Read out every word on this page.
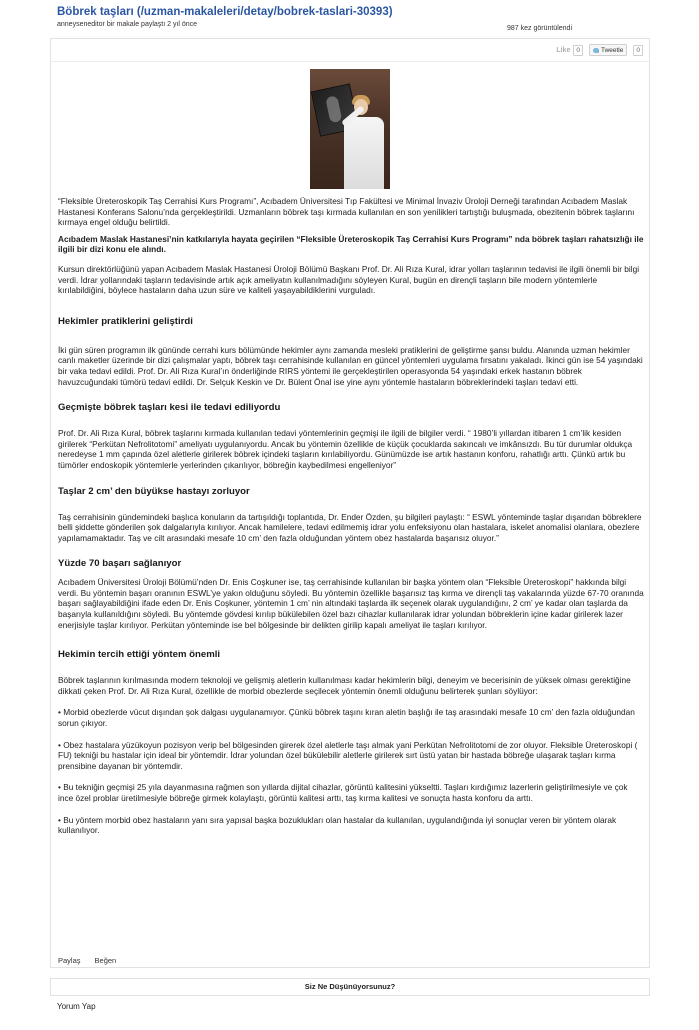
Böbrek taşları (/uzman-makaleleri/detay/bobrek-taslari-30393)
anneyseneditor bir makale paylaştı 2 yıl önce
987 kez görüntülendi
Like 0	Tweetle	0

“Fleksible Üreteroskopik Taş Cerrahisi Kurs Programı”, Acıbadem Üniversitesi Tıp Fakültesi ve Minimal İnvaziv Üroloji Derneği tarafından Acıbadem Maslak Hastanesi Konferans Salonu’nda gerçekleştirildi. Uzmanların böbrek taşı kırmada kullanılan en son yenilikleri tartıştığı buluşmada, obezitenin böbrek taşlarını kırmaya engel olduğu belirtildi.

Acıbadem Maslak Hastanesi’nin katkılarıyla hayata geçirilen “Fleksible Üreteroskopik Taş Cerrahisi Kurs Programı” nda böbrek taşları rahatsızlığı ile ilgili bir dizi konu ele alındı.

Kursun direktörlüğünü yapan Acıbadem Maslak Hastanesi Üroloji Bölümü Başkanı Prof. Dr. Ali Rıza Kural, idrar yolları taşlarının tedavisi ile ilgili önemli bir bilgi verdi. İdrar yollarındaki taşların tedavisinde artık açık ameliyatın kullanılmadığını söyleyen Kural, bugün en dirençli taşların bile modern yöntemlerle kırılabildiğini, böylece hastaların daha uzun süre ve kaliteli yaşayabildiklerini vurguladı.

Hekimler pratiklerini geliştirdi

İki gün süren programın ilk gününde cerrahi kurs bölümünde hekimler aynı zamanda mesleki pratiklerini de geliştirme şansı buldu. Alanında uzman hekimler canlı maketler üzerinde bir dizi çalışmalar yaptı, böbrek taşı cerrahisinde kullanılan en güncel yöntemleri uygulama fırsatını yakaladı. İkinci gün ise 54 yaşındaki bir vaka tedavi edildi. Prof. Dr. Ali Rıza Kural’ın önderliğinde RIRS yöntemi ile gerçekleştirilen operasyonda 54 yaşındaki erkek hastanın böbrek havuzcuğundaki tümörü tedavi edildi. Dr. Selçuk Keskin ve Dr. Bülent Önal ise yine aynı yöntemle hastaların böbreklerindeki taşları tedavi etti.

Geçmişte böbrek taşları kesi ile tedavi ediliyordu

Prof. Dr. Ali Rıza Kural, böbrek taşlarını kırmada kullanılan tedavi yöntemlerinin geçmişi ile ilgili de bilgiler verdi. “ 1980’li yıllardan itibaren 1 cm’lik kesiden girilerek “Perkütan Nefrolitotomi” ameliyatı uygulanıyordu. Ancak bu yöntemin özellikle de küçük çocuklarda sakıncalı ve imkânsızdı. Bu tür durumlar oldukça neredeyse 1 mm çapında özel aletlerle girilerek böbrek içindeki taşların kırılabiliyordu. Günümüzde ise artık hastanın konforu, rahatlığı arttı. Çünkü artık bu tümörler endoskopik yöntemlerle yerlerinden çıkarılıyor, böbreğin kaybedilmesi engelleniyor”

Taşlar 2 cm’ den büyükse hastayı zorluyor

Taş cerrahisinin gündemindeki başlıca konuların da tartışıldığı toplantıda, Dr. Ender Özden, şu bilgileri paylaştı: “ ESWL yönteminde taşlar dışarıdan böbreklere belli şiddette gönderilen şok dalgalarıyla kırılıyor. Ancak hamilelere, tedavi edilmemiş idrar yolu enfeksiyonu olan hastalara, iskelet anomalisi olanlara, obezlere yapılamamaktadır. Taş ve cilt arasındaki mesafe 10 cm’ den fazla olduğundan yöntem obez hastalarda başarısız oluyor.”

Yüzde 70 başarı sağlanıyor

Acıbadem Üniversitesi Üroloji Bölümü’nden Dr. Enis Coşkuner ise, taş cerrahisinde kullanılan bir başka yöntem olan “Fleksible Üreteroskopi” hakkında bilgi verdi. Bu yöntemin başarı oranının ESWL’ye yakın olduğunu söyledi. Bu yöntemin özellikle başarısız taş kırma ve dirençli taş vakalarında yüzde 67-70 oranında başarı sağlayabildiğini ifade eden Dr. Enis Coşkuner, yöntemin 1 cm’ nin altındaki taşlarda ilk seçenek olarak uygulandığını, 2 cm’ ye kadar olan taşlarda da başarıyla kullanıldığını söyledi. Bu yöntemde gövdesi kırılıp bükülebilen özel bazı cihazlar kullanılarak idrar yolundan böbreklerin içine kadar girilerek lazer enerjisiyle taşlar kırılıyor. Perkütan yönteminde ise bel bölgesinde bir delikten girilip kapalı ameliyat ile taşları kırılıyor.

Hekimin tercih ettiği yöntem önemli

Böbrek taşlarının kırılmasında modern teknoloji ve gelişmiş aletlerin kullanılması kadar hekimlerin bilgi, deneyim ve becerisinin de yüksek olması gerektiğine dikkati çeken Prof. Dr. Ali Rıza Kural, özellikle de morbid obezlerde seçilecek yöntemin önemli olduğunu belirterek şunları söylüyor:

• Morbid obezlerde vücut dışından şok dalgası uygulanamıyor. Çünkü böbrek taşını kıran aletin başlığı ile taş arasındaki mesafe 10 cm’ den fazla olduğundan sorun çıkıyor.

• Obez hastalara yüzükoyun pozisyon verip bel bölgesinden girerek özel aletlerle taşı almak yani Perkütan Nefrolitotomi de zor oluyor. Fleksible Üreteroskopi ( FU) tekniği bu hastalar için ideal bir yöntemdir. İdrar yolundan özel bükülebilir aletlerle girilerek sırt üstü yatan bir hastada böbreğe ulaşarak taşları kırma prensibine dayanan bir yöntemdir.

• Bu tekniğin geçmişi 25 yıla dayanmasına rağmen son yıllarda dijital cihazlar, görüntü kalitesini yükseltti. Taşları kırdığımız lazerlerin geliştirilmesiyle ve çok ince özel problar üretilmesiyle böbreğe girmek kolaylaştı, görüntü kalitesi arttı, taş kırma kalitesi ve sonuçta hasta konforu da arttı.

• Bu yöntem morbid obez hastaların yanı sıra yapısal başka bozuklukları olan hastalar da kullanılan, uygulandığında iyi sonuçlar veren bir yöntem olarak kullanılıyor.

Paylaş Beğen
Siz Ne Düşünüyorsunuz?
Yorum Yap
